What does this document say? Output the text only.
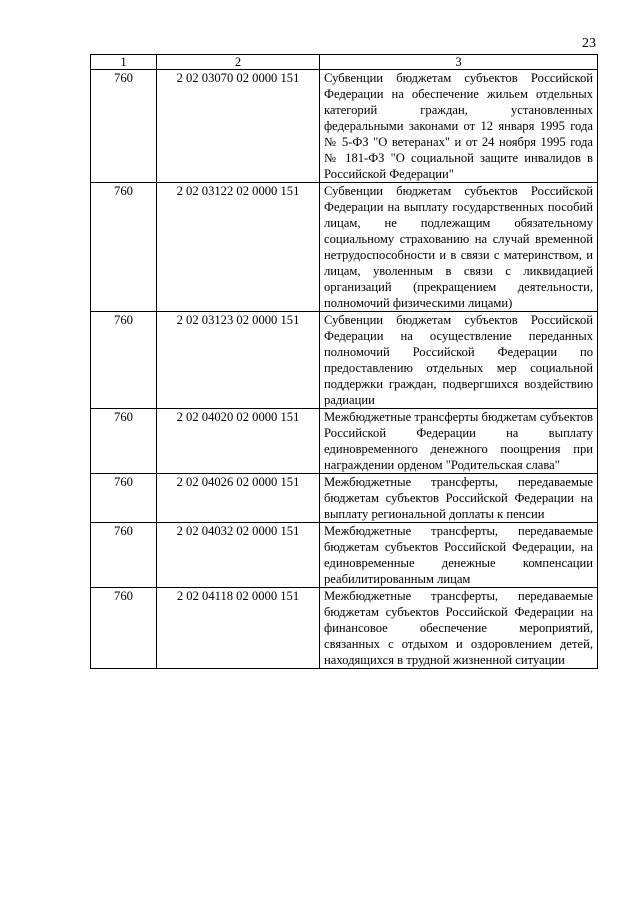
23
1	2	3
760	2 02 03070 02 0000 151	Субвенции бюджетам субъектов Российской Федерации на обеспечение жильем отдельных категорий граждан, установленных федеральными законами от 12 января 1995 года № 5-ФЗ "О ветеранах" и от 24 ноября 1995 года № 181-ФЗ "О социальной защите инвалидов в Российской Федерации"
760	2 02 03122 02 0000 151	Субвенции бюджетам субъектов Российской Федерации на выплату государственных пособий лицам, не подлежащим обязательному социальному страхованию на случай временной нетрудоспособности и в связи с материнством, и лицам, уволенным в связи с ликвидацией организаций (прекращением деятельности, полномочий физическими лицами)
760	2 02 03123 02 0000 151	Субвенции бюджетам субъектов Российской Федерации на осуществление переданных полномочий Российской Федерации по предоставлению отдельных мер социальной поддержки граждан, подвергшихся воздействию радиации
760	2 02 04020 02 0000 151	Межбюджетные трансферты бюджетам субъектов Российской Федерации на выплату единовременного денежного поощрения при награждении орденом "Родительская слава"
760	2 02 04026 02 0000 151	Межбюджетные трансферты, передаваемые бюджетам субъектов Российской Федерации на выплату региональной доплаты к пенсии
760	2 02 04032 02 0000 151	Межбюджетные трансферты, передаваемые бюджетам субъектов Российской Федерации, на единовременные денежные компенсации реабилитированным лицам
760	2 02 04118 02 0000 151	Межбюджетные трансферты, передаваемые бюджетам субъектов Российской Федерации на финансовое обеспечение мероприятий, связанных с отдыхом и оздоровлением детей, находящихся в трудной жизненной ситуации
